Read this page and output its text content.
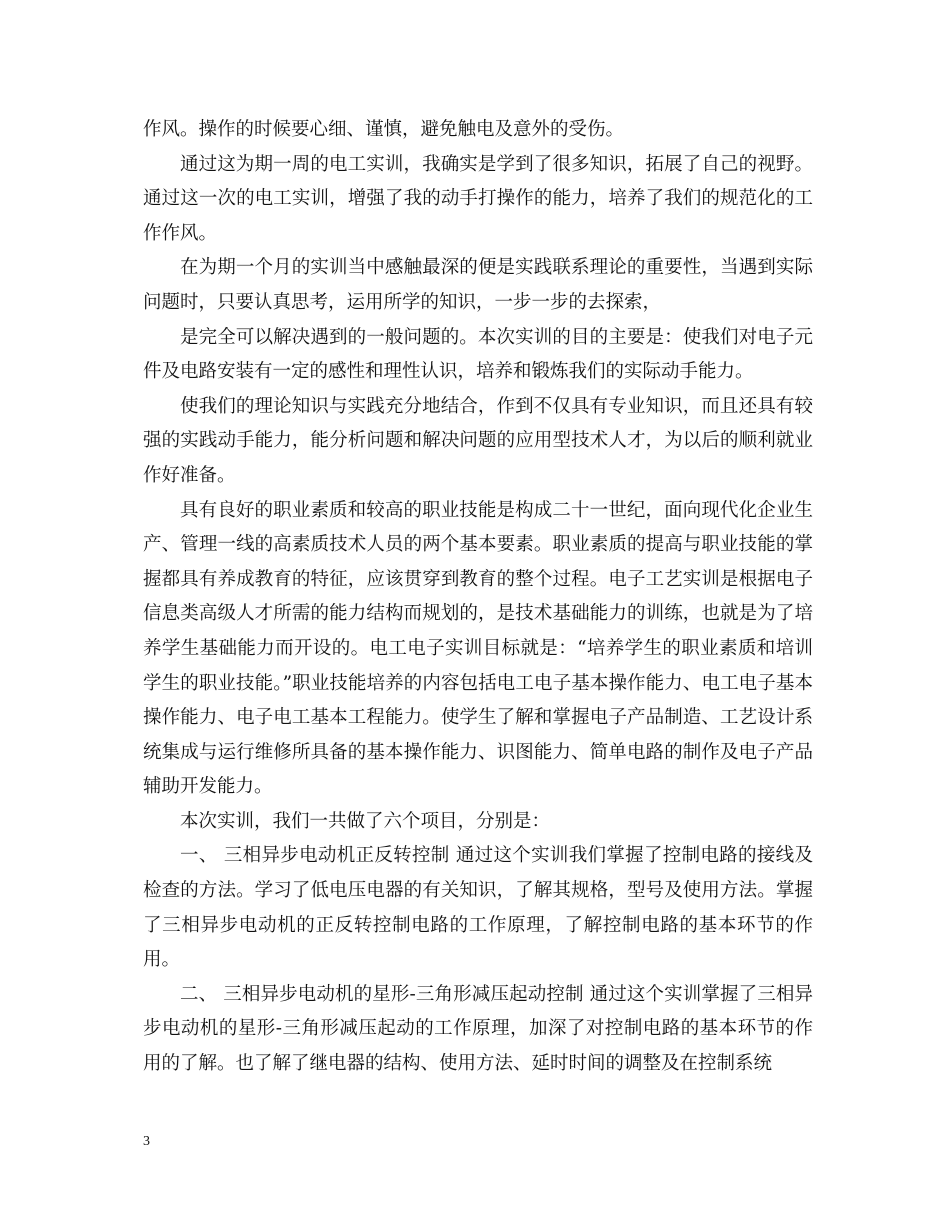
作风。操作的时候要心细、谨慎，避免触电及意外的受伤。

通过这为期一周的电工实训，我确实是学到了很多知识，拓展了自己的视野。通过这一次的电工实训，增强了我的动手打操作的能力，培养了我们的规范化的工作作风。

在为期一个月的实训当中感触最深的便是实践联系理论的重要性，当遇到实际问题时，只要认真思考，运用所学的知识，一步一步的去探索，

是完全可以解决遇到的一般问题的。本次实训的目的主要是：使我们对电子元件及电路安装有一定的感性和理性认识，培养和锻炼我们的实际动手能力。

使我们的理论知识与实践充分地结合，作到不仅具有专业知识，而且还具有较强的实践动手能力，能分析问题和解决问题的应用型技术人才，为以后的顺利就业作好准备。

具有良好的职业素质和较高的职业技能是构成二十一世纪，面向现代化企业生产、管理一线的高素质技术人员的两个基本要素。职业素质的提高与职业技能的掌握都具有养成教育的特征，应该贯穿到教育的整个过程。电子工艺实训是根据电子信息类高级人才所需的能力结构而规划的，是技术基础能力的训练，也就是为了培养学生基础能力而开设的。电工电子实训目标就是：“培养学生的职业素质和培训学生的职业技能。”职业技能培养的内容包括电工电子基本操作能力、电工电子基本操作能力、电子电工基本工程能力。使学生了解和掌握电子产品制造、工艺设计系统集成与运行维修所具备的基本操作能力、识图能力、简单电路的制作及电子产品辅助开发能力。

本次实训，我们一共做了六个项目，分别是：

一、 三相异步电动机正反转控制 通过这个实训我们掌握了控制电路的接线及检查的方法。学习了低电压电器的有关知识，了解其规格，型号及使用方法。掌握了三相异步电动机的正反转控制电路的工作原理，了解控制电路的基本环节的作用。

二、 三相异步电动机的星形-三角形减压起动控制 通过这个实训掌握了三相异步电动机的星形-三角形减压起动的工作原理，加深了对控制电路的基本环节的作用的了解。也了解了继电器的结构、使用方法、延时时间的调整及在控制系统

3
